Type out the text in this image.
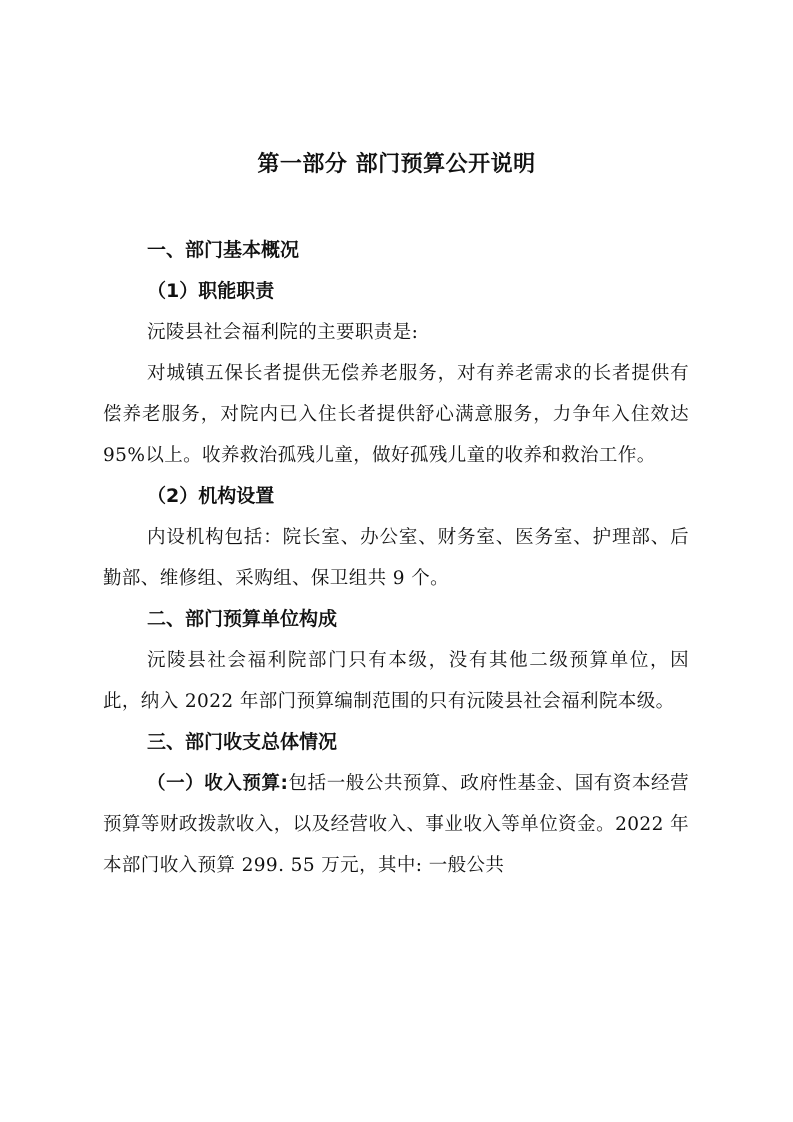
第一部分 部门预算公开说明

一、部门基本概况

（1）职能职责

沅陵县社会福利院的主要职责是:

对城镇五保长者提供无偿养老服务，对有养老需求的长者提供有偿养老服务，对院内已入住长者提供舒心满意服务，力争年入住效达 95%以上。收养救治孤残儿童，做好孤残儿童的收养和救治工作。

（2）机构设置

内设机构包括：院长室、办公室、财务室、医务室、护理部、后勤部、维修组、采购组、保卫组共 9 个。

二、部门预算单位构成

沅陵县社会福利院部门只有本级，没有其他二级预算单位，因此，纳入 2022 年部门预算编制范围的只有沅陵县社会福利院本级。

三、部门收支总体情况

（一）收入预算:包括一般公共预算、政府性基金、国有资本经营预算等财政拨款收入，以及经营收入、事业收入等单位资金。2022 年本部门收入预算 299. 55 万元，其中: 一般公共
